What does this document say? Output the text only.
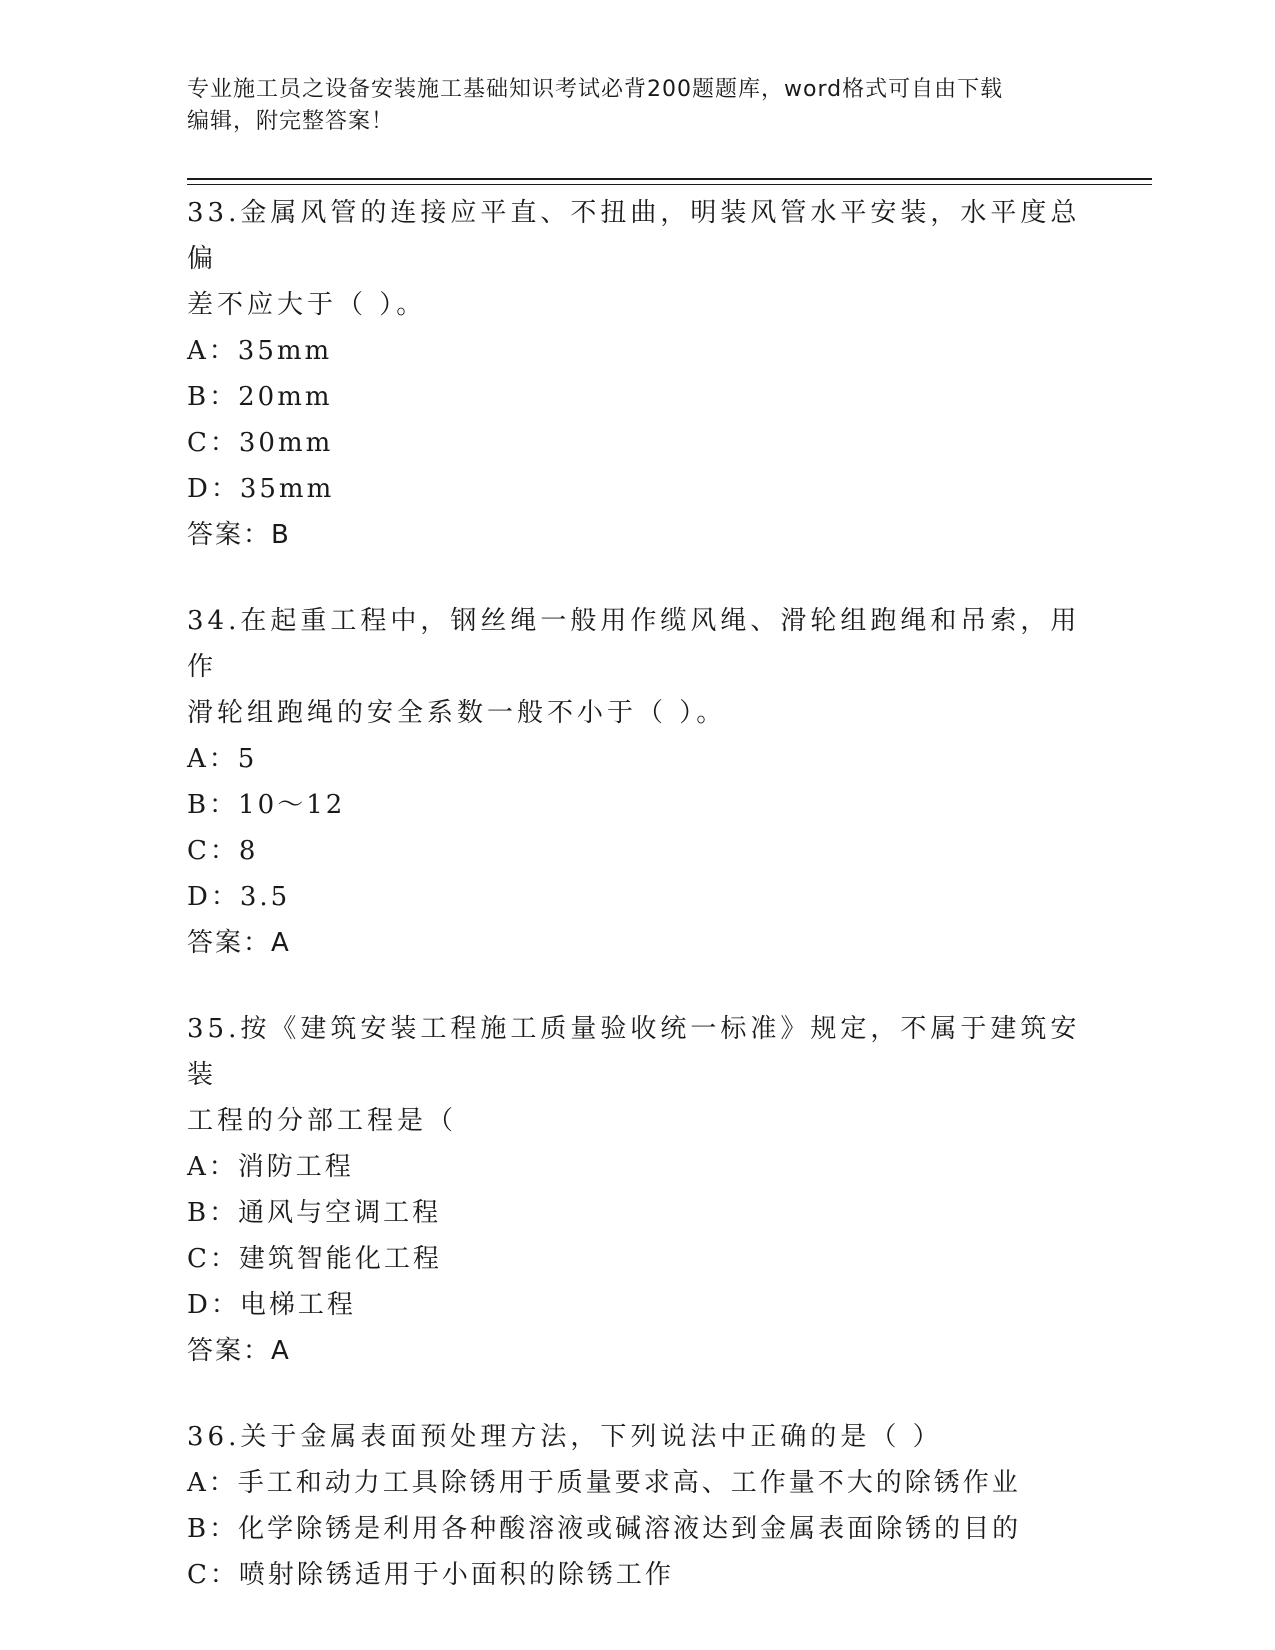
专业施工员之设备安装施工基础知识考试必背200题题库，word格式可自由下载
编辑，附完整答案！
33.金属风管的连接应平直、不扭曲，明装风管水平安装，水平度总偏
差不应大于（ ）。
A：35mm
B：20mm
C：30mm
D：35mm
答案：B
34.在起重工程中，钢丝绳一般用作缆风绳、滑轮组跑绳和吊索，用作
滑轮组跑绳的安全系数一般不小于（ ）。
A：5
B：10～12
C：8
D：3.5
答案：A
35.按《建筑安装工程施工质量验收统一标准》规定，不属于建筑安装
工程的分部工程是（
A：消防工程
B：通风与空调工程
C：建筑智能化工程
D：电梯工程
答案：A
36.关于金属表面预处理方法，下列说法中正确的是（ ）
A：手工和动力工具除锈用于质量要求高、工作量不大的除锈作业
B：化学除锈是利用各种酸溶液或碱溶液达到金属表面除锈的目的
C：喷射除锈适用于小面积的除锈工作
